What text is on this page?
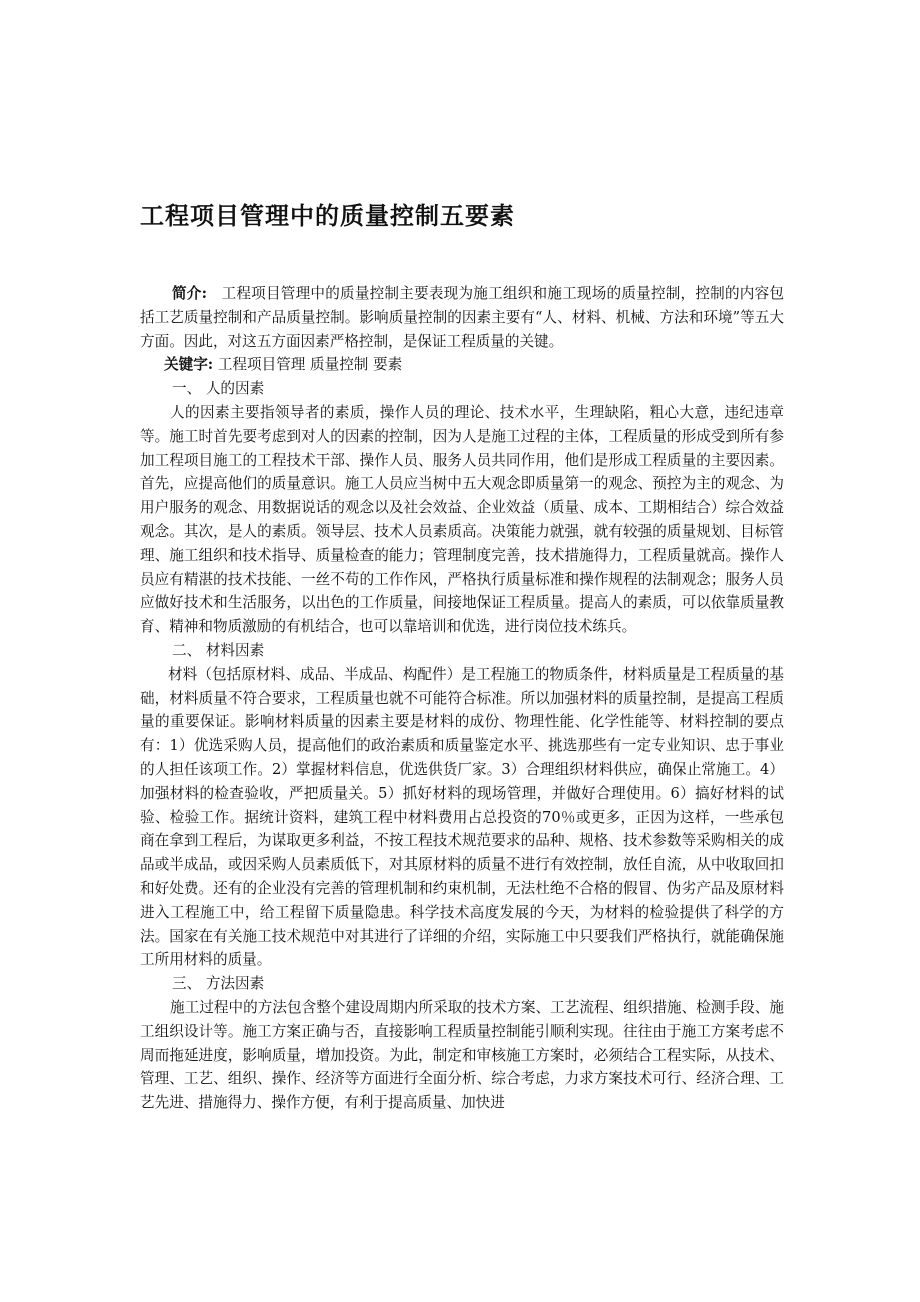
工程项目管理中的质量控制五要素

简介: 工程项目管理中的质量控制主要表现为施工组织和施工现场的质量控制，控制的内容包括工艺质量控制和产品质量控制。影响质量控制的因素主要有“人、材料、机械、方法和环境”等五大方面。因此，对这五方面因素严格控制，是保证工程质量的关键。

关键字: 工程项目管理 质量控制 要素

一、 人的因素

人的因素主要指领导者的素质，操作人员的理论、技术水平，生理缺陷，粗心大意，违纪违章等。施工时首先要考虑到对人的因素的控制，因为人是施工过程的主体，工程质量的形成受到所有参加工程项目施工的工程技术干部、操作人员、服务人员共同作用，他们是形成工程质量的主要因素。首先，应提高他们的质量意识。施工人员应当树中五大观念即质量第一的观念、预控为主的观念、为用户服务的观念、用数据说话的观念以及社会效益、企业效益（质量、成本、工期相结合）综合效益观念。其次，是人的素质。领导层、技术人员素质高。决策能力就强，就有较强的质量规划、目标管理、施工组织和技术指导、质量检查的能力；管理制度完善，技术措施得力，工程质量就高。操作人员应有精湛的技术技能、一丝不苟的工作作风，严格执行质量标准和操作规程的法制观念；服务人员应做好技术和生活服务，以出色的工作质量，间接地保证工程质量。提高人的素质，可以依靠质量教育、精神和物质激励的有机结合，也可以靠培训和优选，进行岗位技术练兵。

二、 材料因素

材料（包括原材料、成品、半成品、构配件）是工程施工的物质条件，材料质量是工程质量的基础，材料质量不符合要求，工程质量也就不可能符合标准。所以加强材料的质量控制，是提高工程质量的重要保证。影响材料质量的因素主要是材料的成份、物理性能、化学性能等、材料控制的要点有：1）优选采购人员，提高他们的政治素质和质量鉴定水平、挑选那些有一定专业知识、忠于事业的人担任该项工作。2）掌握材料信息，优选供货厂家。3）合理组织材料供应，确保止常施工。4）加强材料的检查验收，严把质量关。5）抓好材料的现场管理，并做好合理使用。6）搞好材料的试验、检验工作。据统计资料，建筑工程中材料费用占总投资的70％或更多，正因为这样，一些承包商在拿到工程后，为谋取更多利益，不按工程技术规范要求的品种、规格、技术参数等采购相关的成品或半成品，或因采购人员素质低下，对其原材料的质量不进行有效控制，放任自流，从中收取回扣和好处费。还有的企业没有完善的管理机制和约束机制，无法杜绝不合格的假冒、伪劣产品及原材料进入工程施工中，给工程留下质量隐患。科学技术高度发展的今天，为材料的检验提供了科学的方法。国家在有关施工技术规范中对其进行了详细的介绍，实际施工中只要我们严格执行，就能确保施工所用材料的质量。

三、 方法因素

施工过程中的方法包含整个建设周期内所采取的技术方案、工艺流程、组织措施、检测手段、施工组织设计等。施工方案正确与否，直接影响工程质量控制能引顺利实现。往往由于施工方案考虑不周而拖延进度，影响质量，增加投资。为此，制定和审核施工方案时，必须结合工程实际，从技术、管理、工艺、组织、操作、经济等方面进行全面分析、综合考虑，力求方案技术可行、经济合理、工艺先进、措施得力、操作方便，有利于提高质量、加快进
